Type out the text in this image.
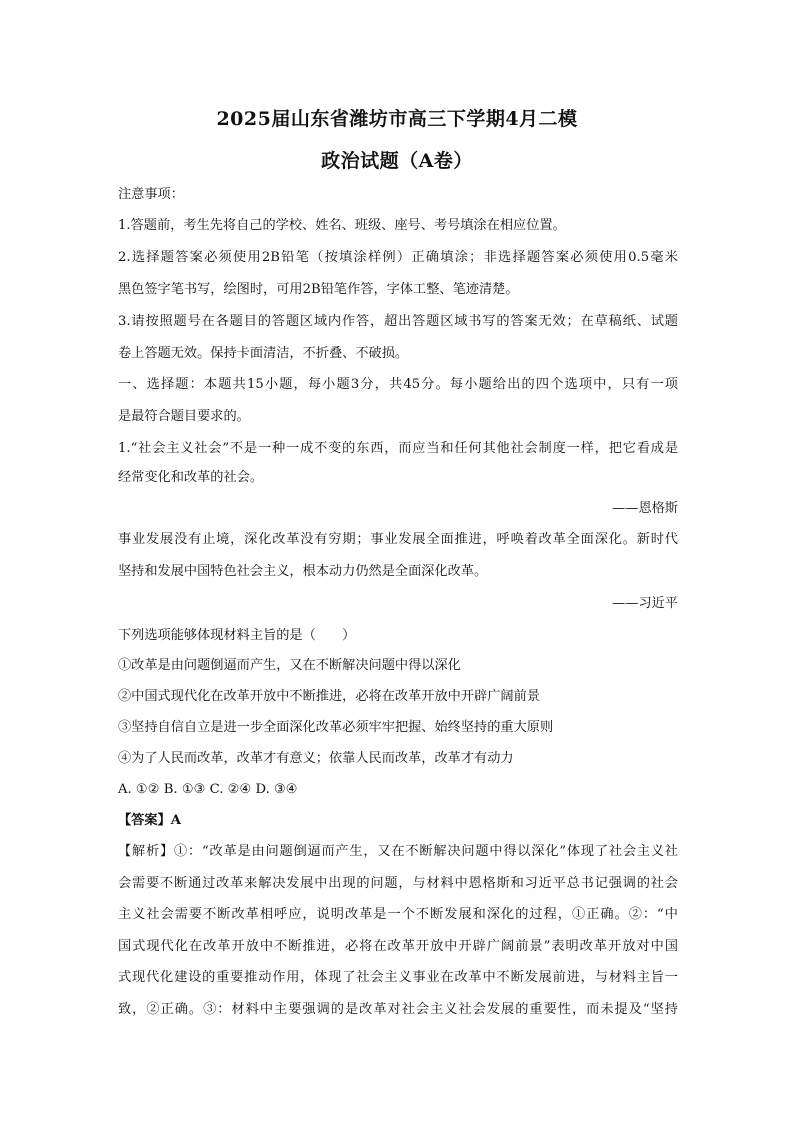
2025届山东省潍坊市高三下学期4月二模
政治试题（A卷）
注意事项：
1.答题前，考生先将自己的学校、姓名、班级、座号、考号填涂在相应位置。
2.选择题答案必须使用2B铅笔（按填涂样例）正确填涂；非选择题答案必须使用0.5毫米
黑色签字笔书写，绘图时，可用2B铅笔作答，字体工整、笔迹清楚。
3.请按照题号在各题目的答题区域内作答，超出答题区域书写的答案无效；在草稿纸、试题
卷上答题无效。保持卡面清洁，不折叠、不破损。
一、选择题：本题共15小题，每小题3分，共45分。每小题给出的四个选项中，只有一项
是最符合题目要求的。
1.“社会主义社会”不是一种一成不变的东西，而应当和任何其他社会制度一样，把它看成是
经常变化和改革的社会。
——恩格斯
事业发展没有止境，深化改革没有穷期；事业发展全面推进，呼唤着改革全面深化。新时代
坚持和发展中国特色社会主义，根本动力仍然是全面深化改革。
——习近平
下列选项能够体现材料主旨的是（　　）
①改革是由问题倒逼而产生，又在不断解决问题中得以深化
②中国式现代化在改革开放中不断推进，必将在改革开放中开辟广阔前景
③坚持自信自立是进一步全面深化改革必须牢牢把握、始终坚持的重大原则
④为了人民而改革，改革才有意义；依靠人民而改革，改革才有动力
A. ①② B. ①③ C. ②④ D. ③④
【答案】A
【解析】①：“改革是由问题倒逼而产生，又在不断解决问题中得以深化”体现了社会主义社
会需要不断通过改革来解决发展中出现的问题，与材料中恩格斯和习近平总书记强调的社会
主义社会需要不断改革相呼应，说明改革是一个不断发展和深化的过程，①正确。②：“中
国式现代化在改革开放中不断推进，必将在改革开放中开辟广阔前景”表明改革开放对中国
式现代化建设的重要推动作用，体现了社会主义事业在改革中不断发展前进，与材料主旨一
致，②正确。③：材料中主要强调的是改革对社会主义社会发展的重要性，而未提及“坚持
